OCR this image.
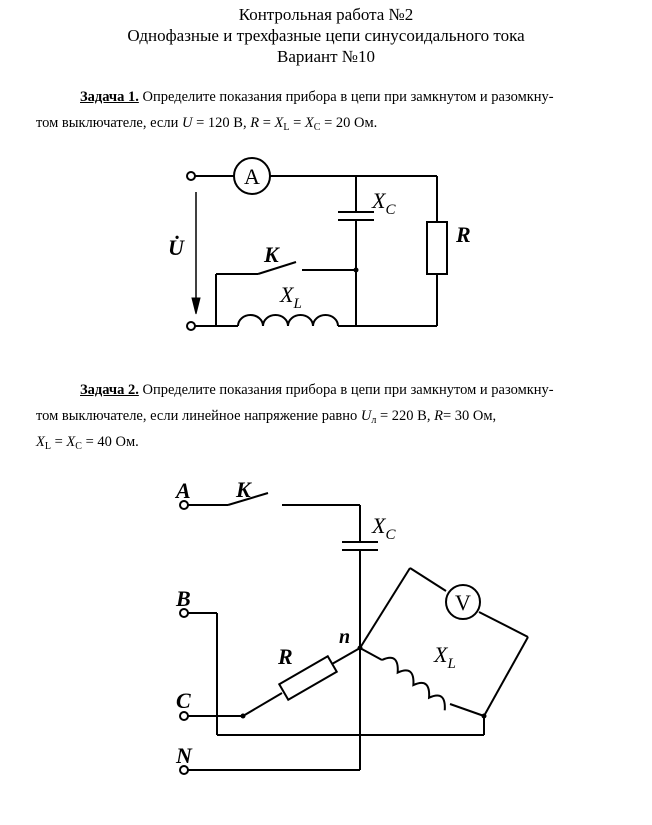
Контрольная работа №2
Однофазные и трехфазные цепи синусоидального тока
Вариант №10
Задача 1. Определите показания прибора в цепи при замкнутом и разомкну-
том выключателе, если U = 120 В, $R = X_L = X_C = 20$ Ом.
Задача 2. Определите показания прибора в цепи при замкнутом и разомкну-
том выключателе, если линейное напряжение равно $U_л = 220$ В, R= 30 Ом,
$X_L = X_C = 40$ Ом.
A
U̇	K
$X_C$
R
$X_L$
A K
$X_C$
V
B
n
R	$X_L$
C
N
